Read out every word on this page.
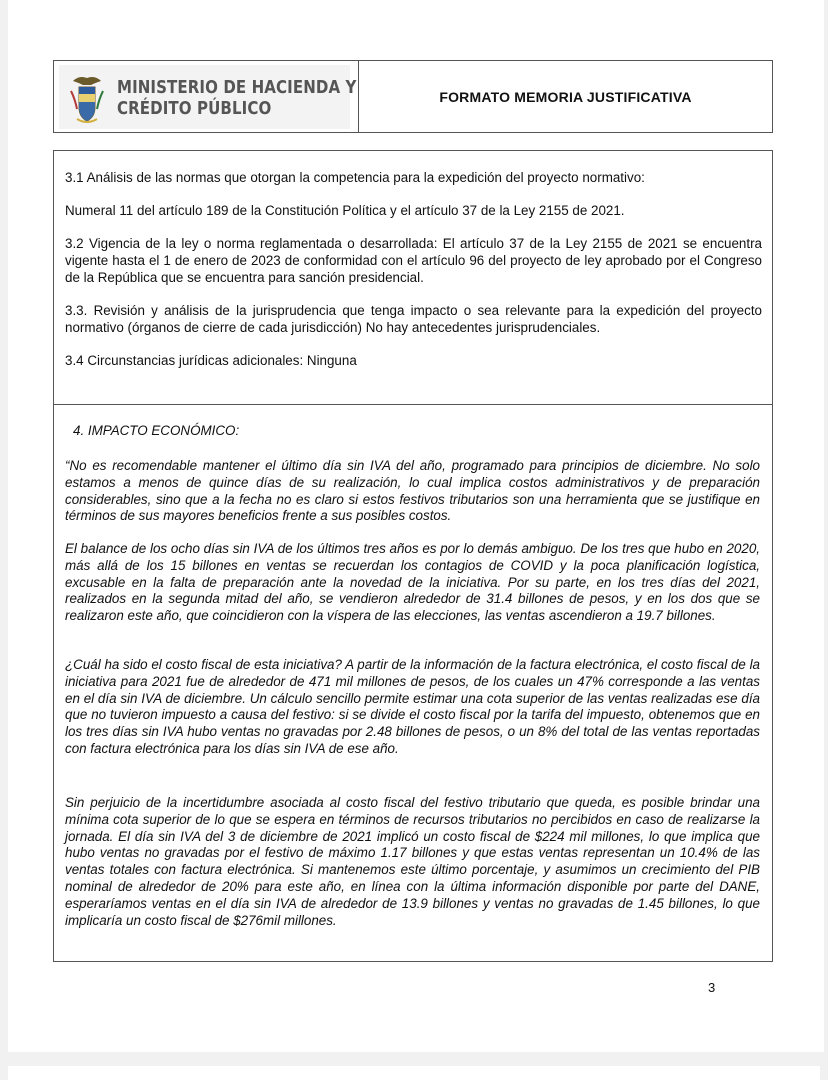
MINISTERIO DE HACIENDA Y
CRÉDITO PÚBLICO
FORMATO MEMORIA JUSTIFICATIVA

3.1 Análisis de las normas que otorgan la competencia para la expedición del proyecto normativo:

Numeral 11 del artículo 189 de la Constitución Política y el artículo 37 de la Ley 2155 de 2021.

3.2 Vigencia de la ley o norma reglamentada o desarrollada: El artículo 37 de la Ley 2155 de 2021 se encuentra vigente hasta el 1 de enero de 2023 de conformidad con el artículo 96 del proyecto de ley aprobado por el Congreso de la República que se encuentra para sanción presidencial.

3.3. Revisión y análisis de la jurisprudencia que tenga impacto o sea relevante para la expedición del proyecto normativo (órganos de cierre de cada jurisdicción) No hay antecedentes jurisprudenciales.

3.4 Circunstancias jurídicas adicionales: Ninguna

4. IMPACTO ECONÓMICO:

“No es recomendable mantener el último día sin IVA del año, programado para principios de diciembre. No solo estamos a menos de quince días de su realización, lo cual implica costos administrativos y de preparación considerables, sino que a la fecha no es claro si estos festivos tributarios son una herramienta que se justifique en términos de sus mayores beneficios frente a sus posibles costos.

El balance de los ocho días sin IVA de los últimos tres años es por lo demás ambiguo. De los tres que hubo en 2020, más allá de los 15 billones en ventas se recuerdan los contagios de COVID y la poca planificación logística, excusable en la falta de preparación ante la novedad de la iniciativa. Por su parte, en los tres días del 2021, realizados en la segunda mitad del año, se vendieron alrededor de 31.4 billones de pesos, y en los dos que se realizaron este año, que coincidieron con la víspera de las elecciones, las ventas ascendieron a 19.7 billones.

¿Cuál ha sido el costo fiscal de esta iniciativa? A partir de la información de la factura electrónica, el costo fiscal de la iniciativa para 2021 fue de alrededor de 471 mil millones de pesos, de los cuales un 47% corresponde a las ventas en el día sin IVA de diciembre. Un cálculo sencillo permite estimar una cota superior de las ventas realizadas ese día que no tuvieron impuesto a causa del festivo: si se divide el costo fiscal por la tarifa del impuesto, obtenemos que en los tres días sin IVA hubo ventas no gravadas por 2.48 billones de pesos, o un 8% del total de las ventas reportadas con factura electrónica para los días sin IVA de ese año.

Sin perjuicio de la incertidumbre asociada al costo fiscal del festivo tributario que queda, es posible brindar una mínima cota superior de lo que se espera en términos de recursos tributarios no percibidos en caso de realizarse la jornada. El día sin IVA del 3 de diciembre de 2021 implicó un costo fiscal de $224 mil millones, lo que implica que hubo ventas no gravadas por el festivo de máximo 1.17 billones y que estas ventas representan un 10.4% de las ventas totales con factura electrónica. Si mantenemos este último porcentaje, y asumimos un crecimiento del PIB nominal de alrededor de 20% para este año, en línea con la última información disponible por parte del DANE, esperaríamos ventas en el día sin IVA de alrededor de 13.9 billones y ventas no gravadas de 1.45 billones, lo que implicaría un costo fiscal de $276mil millones.

3
